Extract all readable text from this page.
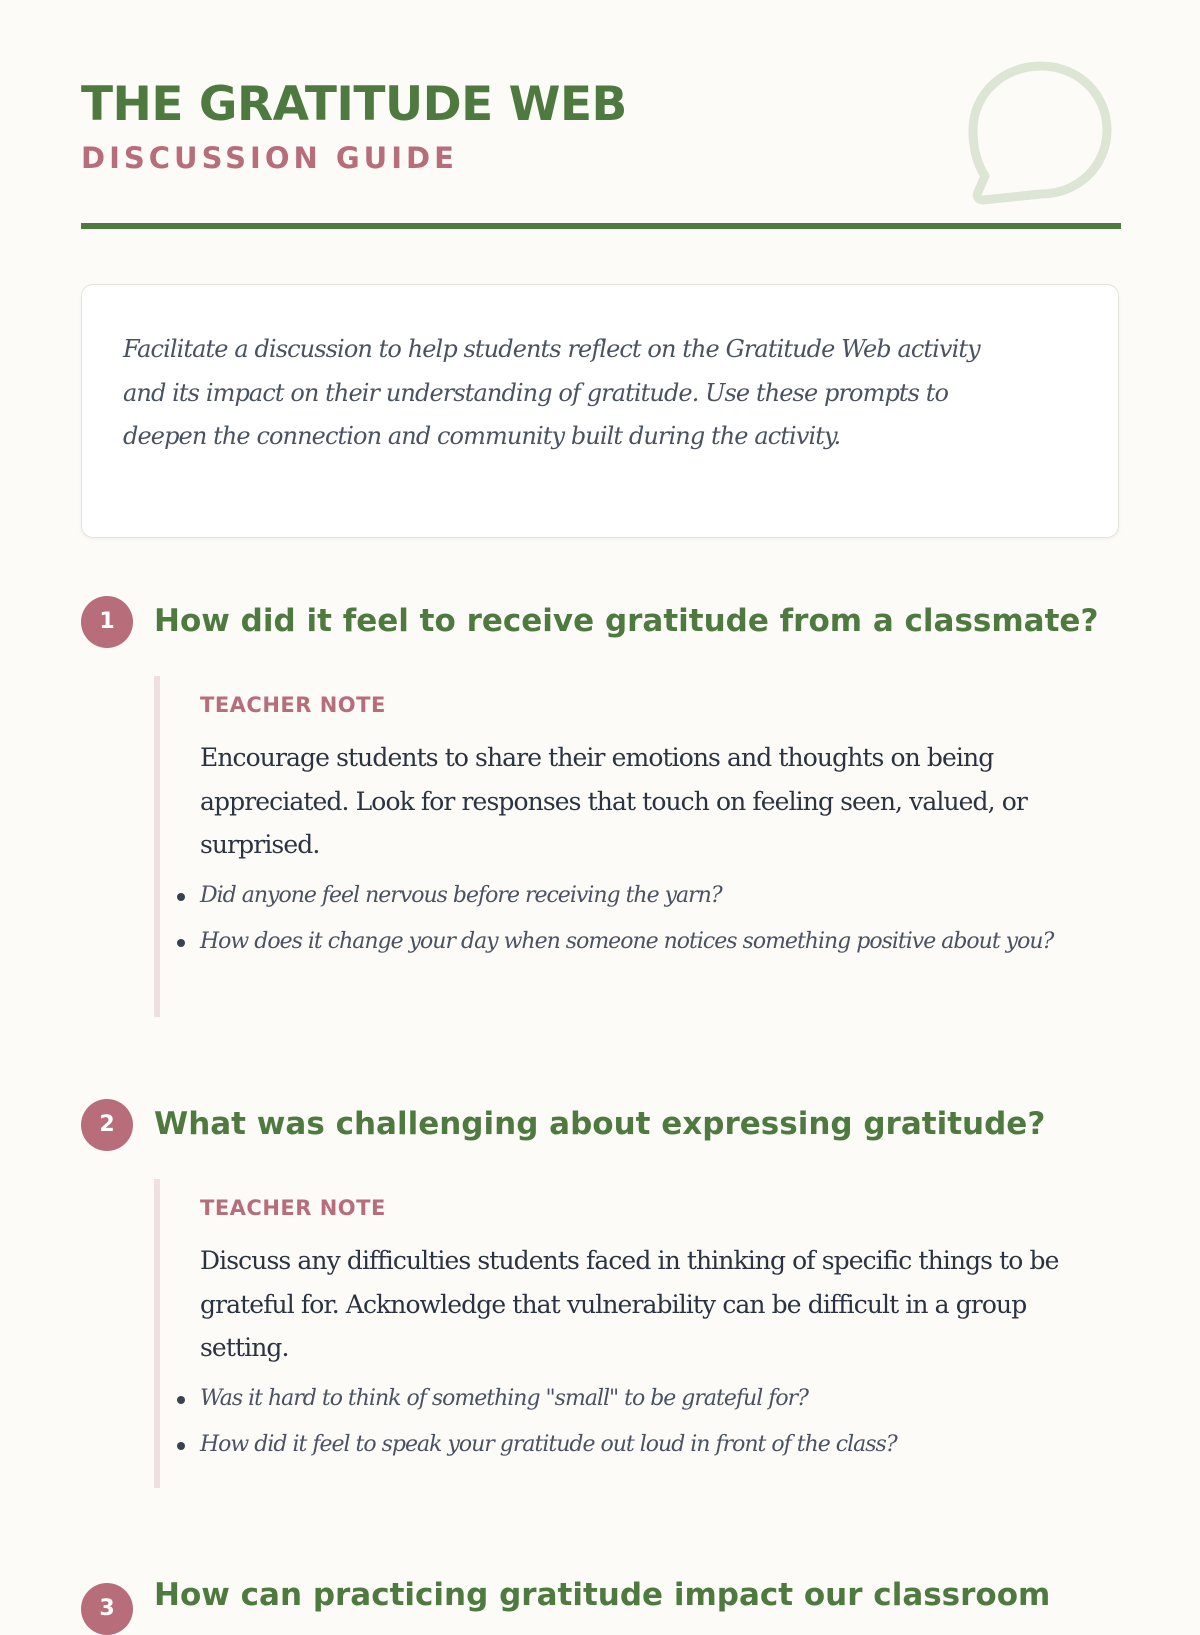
THE GRATITUDE WEB
DISCUSSION GUIDE

Facilitate a discussion to help students reflect on the Gratitude Web activity and its impact on their understanding of gratitude. Use these prompts to deepen the connection and community built during the activity.

1	How did it feel to receive gratitude from a classmate?

TEACHER NOTE

Encourage students to share their emotions and thoughts on being appreciated. Look for responses that touch on feeling seen, valued, or surprised.

Did anyone feel nervous before receiving the yarn?
How does it change your day when someone notices something positive about you?
2	What was challenging about expressing gratitude?

TEACHER NOTE

Discuss any difficulties students faced in thinking of specific things to be grateful for. Acknowledge that vulnerability can be difficult in a group setting.

Was it hard to think of something "small" to be grateful for?
How did it feel to speak your gratitude out loud in front of the class?
3	How can practicing gratitude impact our classroom
